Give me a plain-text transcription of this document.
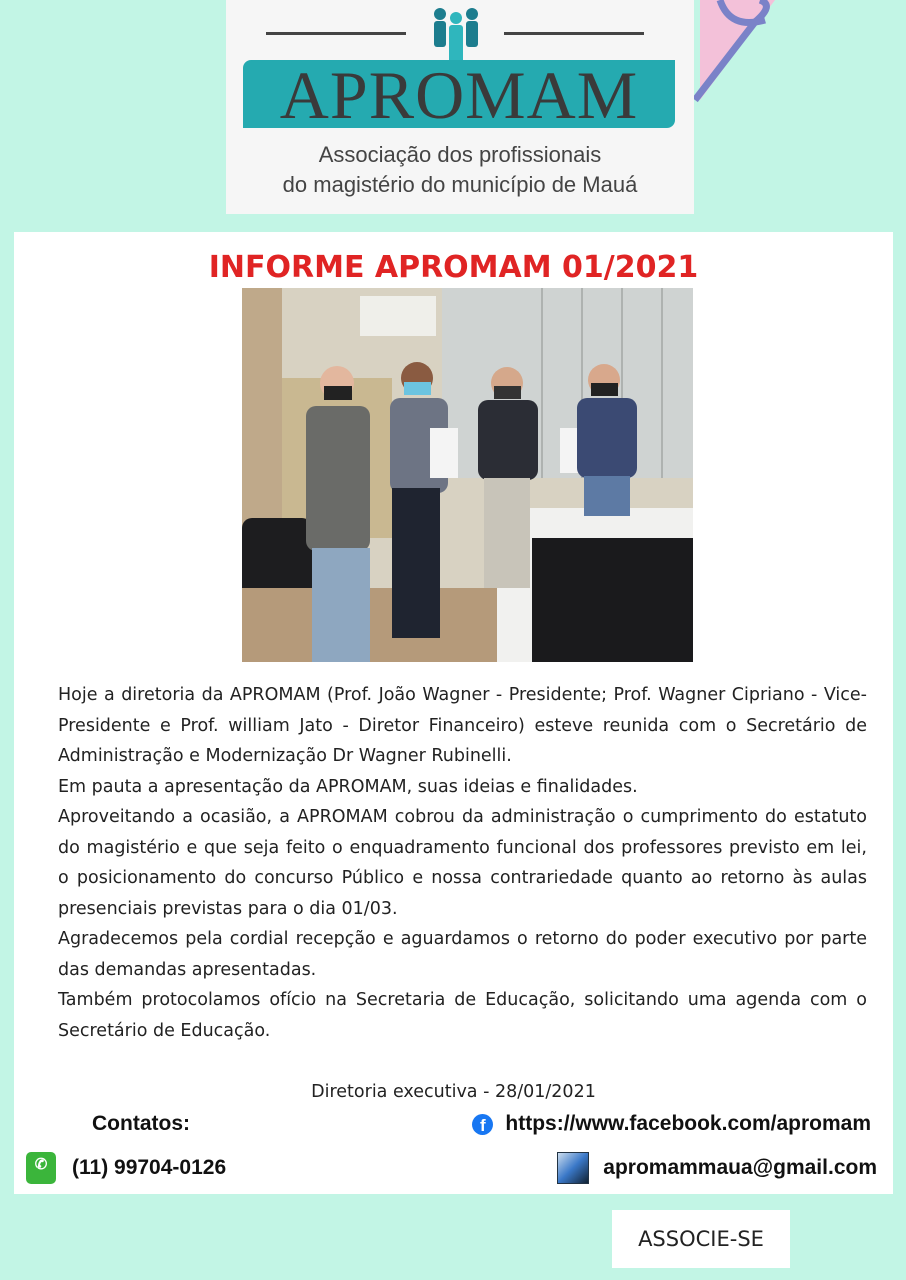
APROMAM
Associação dos profissionais
do magistério do município de Mauá
INFORME APROMAM 01/2021

Hoje a diretoria da APROMAM (Prof. João Wagner - Presidente; Prof. Wagner Cipriano - Vice-Presidente e Prof. william Jato - Diretor Financeiro) esteve reunida com o Secretário de Administração e Modernização Dr Wagner Rubinelli.

Em pauta a apresentação da APROMAM, suas ideias e finalidades.

Aproveitando a ocasião, a APROMAM cobrou da administração o cumprimento do estatuto do magistério e que seja feito o enquadramento funcional dos professores previsto em lei, o posicionamento do concurso Público e nossa contrariedade quanto ao retorno às aulas presenciais previstas para o dia 01/03.

Agradecemos pela cordial recepção e aguardamos o retorno do poder executivo por parte das demandas apresentadas.

Também protocolamos ofício na Secretaria de Educação, solicitando uma agenda com o Secretário de Educação.

Diretoria executiva - 28/01/2021
Contatos:	f https://www.facebook.com/apromam
✆	(11) 99704-0126	apromammaua@gmail.com
ASSOCIE-SE
